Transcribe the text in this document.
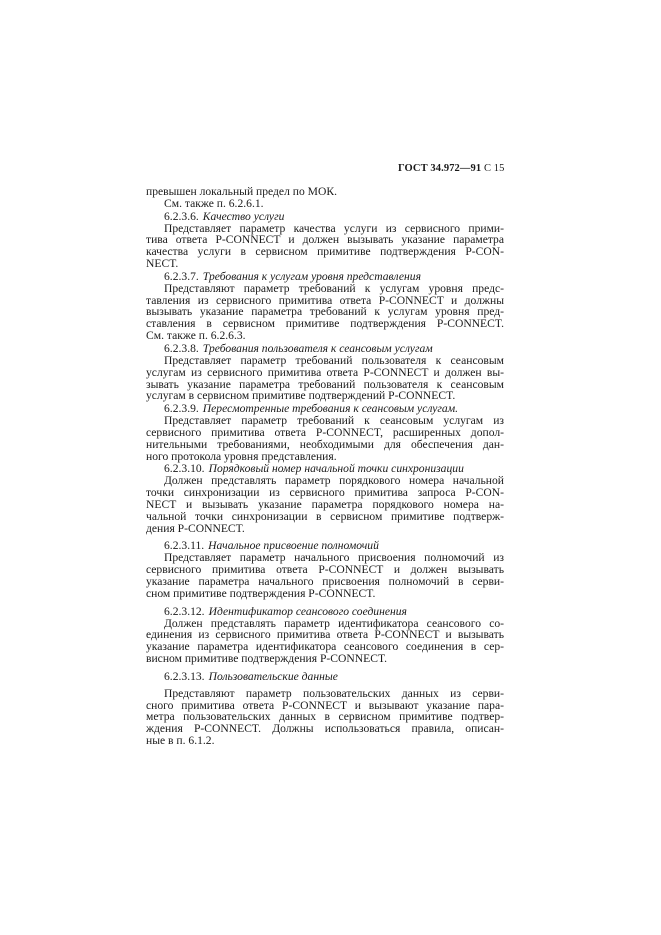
ГОСТ 34.972—91 С 15
превышен локальный предел по МОК.
См. также п. 6.2.6.1.
6.2.3.6. Качество услуги
Представляет параметр качества услуги из сервисного прими-
тива ответа P-CONNECT и должен вызывать указание параметра
качества услуги в сервисном примитиве подтверждения P-CON-
NECT.
6.2.3.7. Требования к услугам уровня представления
Представляют параметр требований к услугам уровня предс-
тавления из сервисного примитива ответа P-CONNECT и должны
вызывать указание параметра требований к услугам уровня пред-
ставления в сервисном примитиве подтверждения P-CONNECT.
См. также п. 6.2.6.3.
6.2.3.8. Требования пользователя к сеансовым услугам
Представляет параметр требований пользователя к сеансовым
услугам из сервисного примитива ответа P-CONNECT и должен вы-
зывать указание параметра требований пользователя к сеансовым
услугам в сервисном примитиве подтверждений P-CONNECT.
6.2.3.9. Пересмотренные требования к сеансовым услугам.
Представляет параметр требований к сеансовым услугам из
сервисного примитива ответа P-CONNECT, расширенных допол-
нительными требованиями, необходимыми для обеспечения дан-
ного протокола уровня представления.
6.2.3.10. Порядковый номер начальной точки синхронизации
Должен представлять параметр порядкового номера начальной
точки синхронизации из сервисного примитива запроса P-CON-
NECT и вызывать указание параметра порядкового номера на-
чальной точки синхронизации в сервисном примитиве подтверж-
дения P-CONNECT.
6.2.3.11. Начальное присвоение полномочий
Представляет параметр начального присвоения полномочий из
сервисного примитива ответа P-CONNECT и должен вызывать
указание параметра начального присвоения полномочий в серви-
сном примитиве подтверждения P-CONNECT.
6.2.3.12. Идентификатор сеансового соединения
Должен представлять параметр идентификатора сеансового со-
единения из сервисного примитива ответа P-CONNECT и вызывать
указание параметра идентификатора сеансового соединения в сер-
висном примитиве подтверждения P-CONNECT.
6.2.3.13. Пользовательские данные
Представляют параметр пользовательских данных из серви-
сного примитива ответа P-CONNECT и вызывают указание пара-
метра пользовательских данных в сервисном примитиве подтвер-
ждения P-CONNECT. Должны использоваться правила, описан-
ные в п. 6.1.2.
